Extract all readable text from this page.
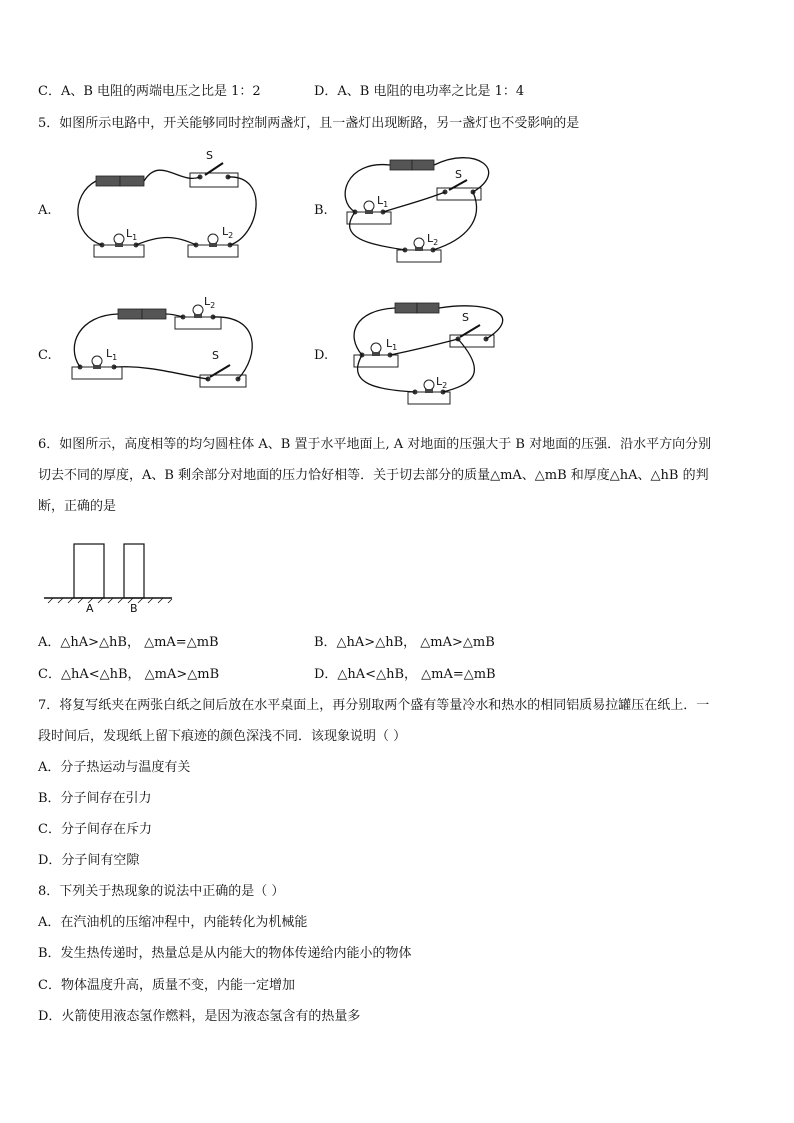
C．A、B 电阻的两端电压之比是 1：2	D．A、B 电阻的电功率之比是 1：4
5．如图所示电路中，开关能够同时控制两盏灯，且一盏灯出现断路，另一盏灯也不受影响的是
A.	B.
C.	D.
S
$L_1$	$L_2$
S
$L_1$
$L_2$
$L_2$
$L_1$	S
S
$L_1$
$L_2$
6．如图所示，高度相等的均匀圆柱体 A、B 置于水平地面上, A 对地面的压强大于 B 对地面的压强．沿水平方向分别
切去不同的厚度，A、B 剩余部分对地面的压力恰好相等．关于切去部分的质量△mA、△mB 和厚度△hA、△hB 的判
断，正确的是
A	B
A．△hA>△hB， △mA=△mB	B．△hA>△hB， △mA>△mB
C．△hA<△hB， △mA>△mB	D．△hA<△hB， △mA=△mB
7．将复写纸夹在两张白纸之间后放在水平桌面上，再分别取两个盛有等量冷水和热水的相同铝质易拉罐压在纸上．一
段时间后，发现纸上留下痕迹的颜色深浅不同．该现象说明（ ）
A．分子热运动与温度有关
B．分子间存在引力
C．分子间存在斥力
D．分子间有空隙
8．下列关于热现象的说法中正确的是（ ）
A．在汽油机的压缩冲程中，内能转化为机械能
B．发生热传递时，热量总是从内能大的物体传递给内能小的物体
C．物体温度升高，质量不变，内能一定增加
D．火箭使用液态氢作燃料，是因为液态氢含有的热量多
